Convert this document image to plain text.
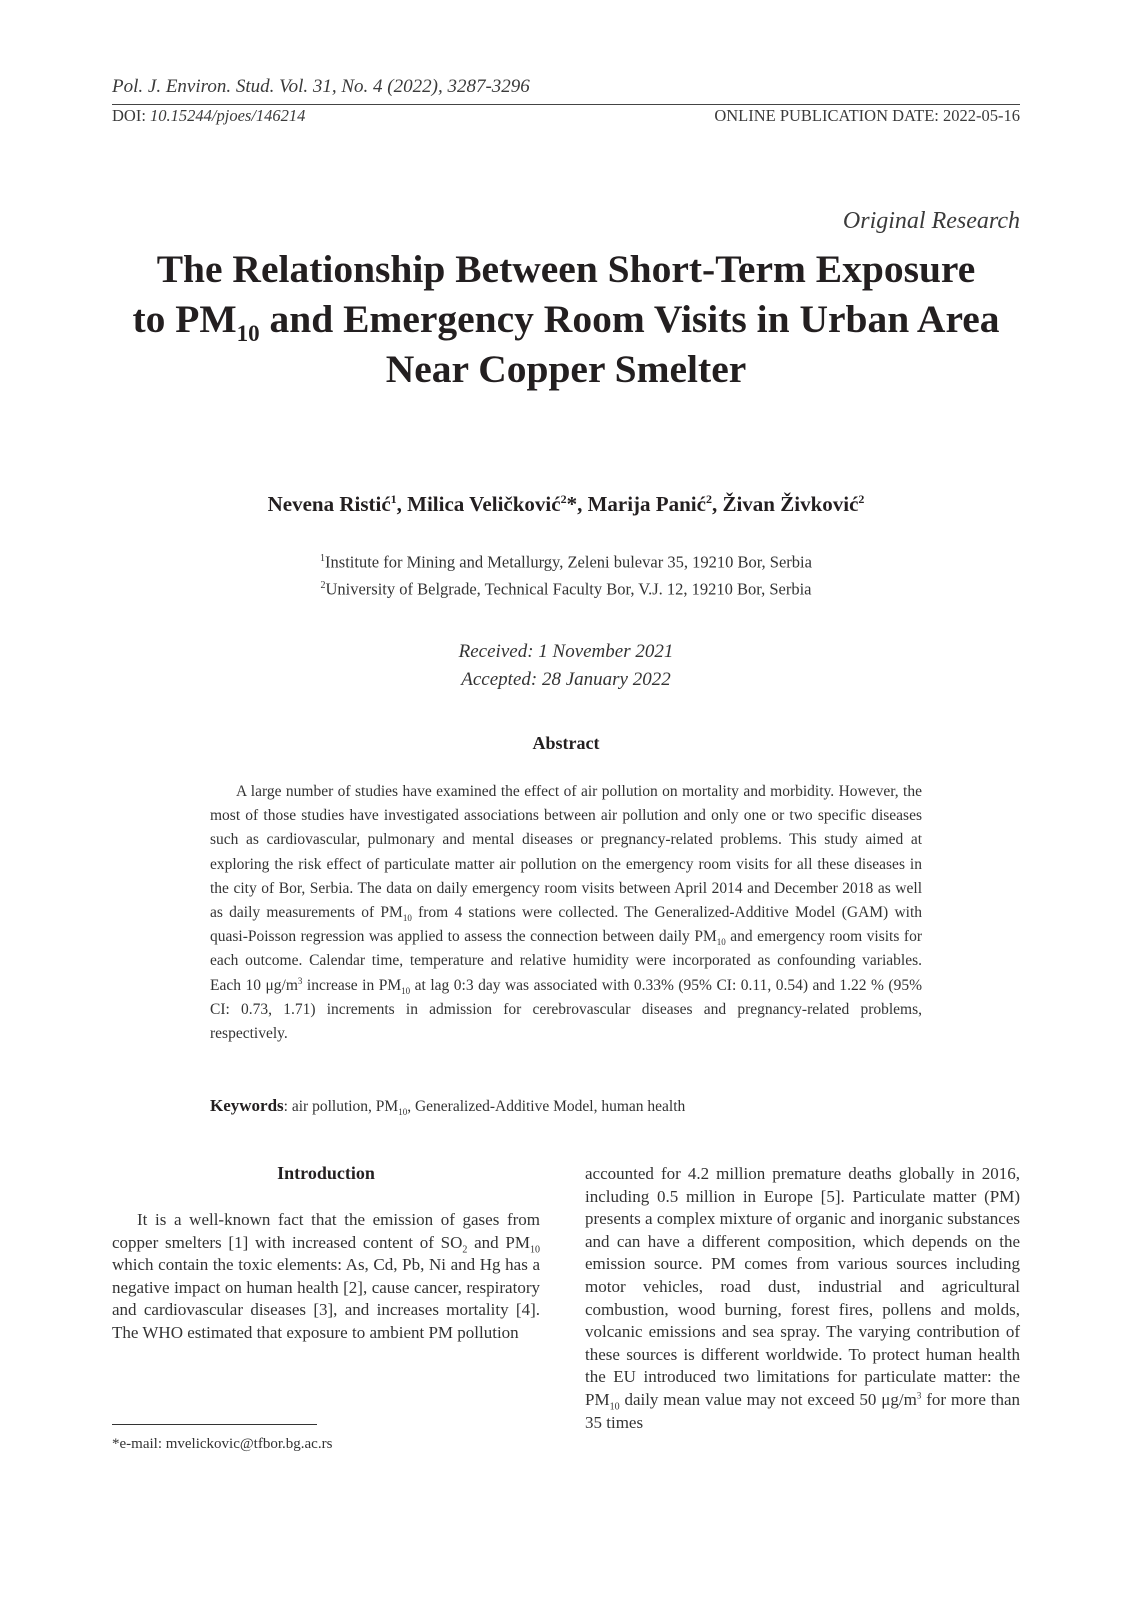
Pol. J. Environ. Stud. Vol. 31, No. 4 (2022), 3287-3296
DOI: 10.15244/pjoes/146214	ONLINE PUBLICATION DATE: 2022-05-16
Original Research
The Relationship Between Short-Term Exposure
to $PM_{10}$ and Emergency Room Visits in Urban Area
Near Copper Smelter
Nevena Ristić$^1$, Milica Veličković$^2$*, Marija Panić$^2$, Živan Živković$^2$
$^1$Institute for Mining and Metallurgy, Zeleni bulevar 35, 19210 Bor, Serbia
$^2$University of Belgrade, Technical Faculty Bor, V.J. 12, 19210 Bor, Serbia
Received: 1 November 2021
Accepted: 28 January 2022
Abstract
A large number of studies have examined the effect of air pollution on mortality and morbidity. However, the most of those studies have investigated associations between air pollution and only one or two specific diseases such as cardiovascular, pulmonary and mental diseases or pregnancy-related problems. This study aimed at exploring the risk effect of particulate matter air pollution on the emergency room visits for all these diseases in the city of Bor, Serbia. The data on daily emergency room visits between April 2014 and December 2018 as well as daily measurements of $PM_{10}$ from 4 stations were collected. The Generalized-Additive Model (GAM) with quasi-Poisson regression was applied to assess the connection between daily $PM_{10}$ and emergency room visits for each outcome. Calendar time, temperature and relative humidity were incorporated as confounding variables. Each 10 $\mu g/m^3$ increase in $PM_{10}$ at lag 0:3 day was associated with 0.33% (95% CI: 0.11, 0.54) and 1.22 % (95% CI: 0.73, 1.71) increments in admission for cerebrovascular diseases and pregnancy-related problems, respectively.
Keywords: air pollution, $PM_{10}$, Generalized-Additive Model, human health
Introduction
It is a well-known fact that the emission of gases from copper smelters [1] with increased content of $SO_2$ and $PM_{10}$ which contain the toxic elements: As, Cd, Pb, Ni and Hg has a negative impact on human health [2], cause cancer, respiratory and cardiovascular diseases [3], and increases mortality [4]. The WHO estimated that exposure to ambient PM pollution
accounted for 4.2 million premature deaths globally in 2016, including 0.5 million in Europe [5]. Particulate matter (PM) presents a complex mixture of organic and inorganic substances and can have a different composition, which depends on the emission source. PM comes from various sources including motor vehicles, road dust, industrial and agricultural combustion, wood burning, forest fires, pollens and molds, volcanic emissions and sea spray. The varying contribution of these sources is different worldwide. To protect human health the EU introduced two limitations for particulate matter: the $PM_{10}$ daily mean value may not exceed 50 $\mu g/m^3$ for more than 35 times
*e-mail: mvelickovic@tfbor.bg.ac.rs
